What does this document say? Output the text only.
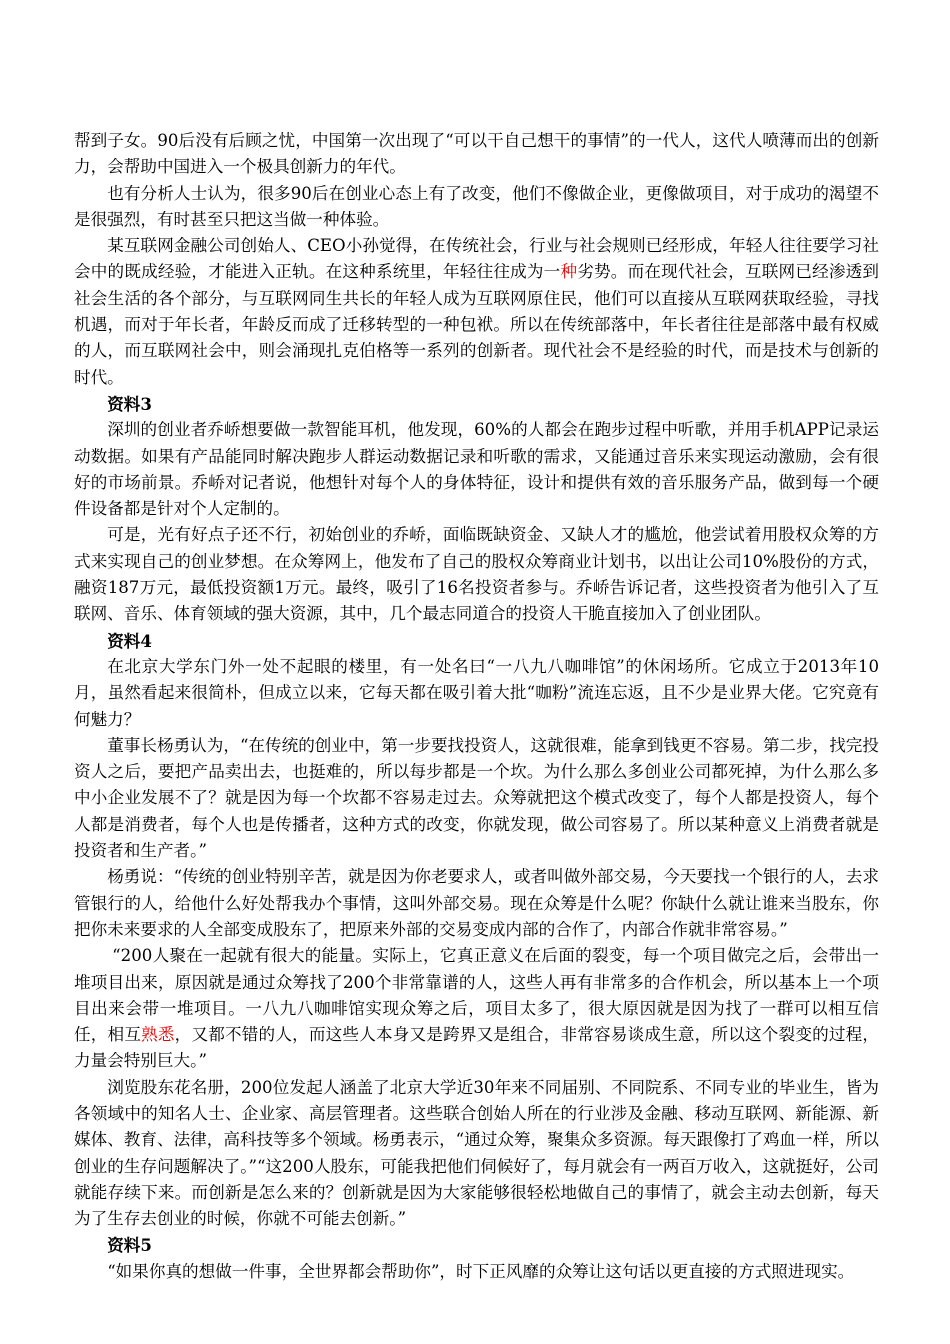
帮到子女。90后没有后顾之忧，中国第一次出现了“可以干自己想干的事情”的一代人，这代人喷薄而出的创新力，会帮助中国进入一个极具创新力的年代。

也有分析人士认为，很多90后在创业心态上有了改变，他们不像做企业，更像做项目，对于成功的渴望不是很强烈，有时甚至只把这当做一种体验。

某互联网金融公司创始人、CEO小孙觉得，在传统社会，行业与社会规则已经形成，年轻人往往要学习社会中的既成经验，才能进入正轨。在这种系统里，年轻往往成为一种劣势。而在现代社会，互联网已经渗透到社会生活的各个部分，与互联网同生共长的年轻人成为互联网原住民，他们可以直接从互联网获取经验，寻找机遇，而对于年长者，年龄反而成了迁移转型的一种包袱。所以在传统部落中，年长者往往是部落中最有权威的人，而互联网社会中，则会涌现扎克伯格等一系列的创新者。现代社会不是经验的时代，而是技术与创新的时代。

资料3

深圳的创业者乔峤想要做一款智能耳机，他发现，60%的人都会在跑步过程中听歌，并用手机APP记录运动数据。如果有产品能同时解决跑步人群运动数据记录和听歌的需求，又能通过音乐来实现运动激励，会有很好的市场前景。乔峤对记者说，他想针对每个人的身体特征，设计和提供有效的音乐服务产品，做到每一个硬件设备都是针对个人定制的。

可是，光有好点子还不行，初始创业的乔峤，面临既缺资金、又缺人才的尴尬，他尝试着用股权众筹的方式来实现自己的创业梦想。在众筹网上，他发布了自己的股权众筹商业计划书，以出让公司10%股份的方式，融资187万元，最低投资额1万元。最终，吸引了16名投资者参与。乔峤告诉记者，这些投资者为他引入了互联网、音乐、体育领域的强大资源，其中，几个最志同道合的投资人干脆直接加入了创业团队。

资料4

在北京大学东门外一处不起眼的楼里，有一处名曰“一八九八咖啡馆”的休闲场所。它成立于2013年10月，虽然看起来很简朴，但成立以来，它每天都在吸引着大批“咖粉”流连忘返，且不少是业界大佬。它究竟有何魅力？

董事长杨勇认为，“在传统的创业中，第一步要找投资人，这就很难，能拿到钱更不容易。第二步，找完投资人之后，要把产品卖出去，也挺难的，所以每步都是一个坎。为什么那么多创业公司都死掉，为什么那么多中小企业发展不了？就是因为每一个坎都不容易走过去。众筹就把这个模式改变了，每个人都是投资人，每个人都是消费者，每个人也是传播者，这种方式的改变，你就发现，做公司容易了。所以某种意义上消费者就是投资者和生产者。”

杨勇说：“传统的创业特别辛苦，就是因为你老要求人，或者叫做外部交易，今天要找一个银行的人，去求管银行的人，给他什么好处帮我办个事情，这叫外部交易。现在众筹是什么呢？你缺什么就让谁来当股东，你把你未来要求的人全部变成股东了，把原来外部的交易变成内部的合作了，内部合作就非常容易。”

“200人聚在一起就有很大的能量。实际上，它真正意义在后面的裂变，每一个项目做完之后，会带出一堆项目出来，原因就是通过众筹找了200个非常靠谱的人，这些人再有非常多的合作机会，所以基本上一个项目出来会带一堆项目。一八九八咖啡馆实现众筹之后，项目太多了，很大原因就是因为找了一群可以相互信任，相互熟悉，又都不错的人，而这些人本身又是跨界又是组合，非常容易谈成生意，所以这个裂变的过程，力量会特别巨大。”

浏览股东花名册，200位发起人涵盖了北京大学近30年来不同届别、不同院系、不同专业的毕业生，皆为各领域中的知名人士、企业家、高层管理者。这些联合创始人所在的行业涉及金融、移动互联网、新能源、新媒体、教育、法律，高科技等多个领域。杨勇表示，“通过众筹，聚集众多资源。每天跟像打了鸡血一样，所以创业的生存问题解决了。”“这200人股东，可能我把他们伺候好了，每月就会有一两百万收入，这就挺好，公司就能存续下来。而创新是怎么来的？创新就是因为大家能够很轻松地做自己的事情了，就会主动去创新，每天为了生存去创业的时候，你就不可能去创新。”

资料5

“如果你真的想做一件事，全世界都会帮助你”，时下正风靡的众筹让这句话以更直接的方式照进现实。
